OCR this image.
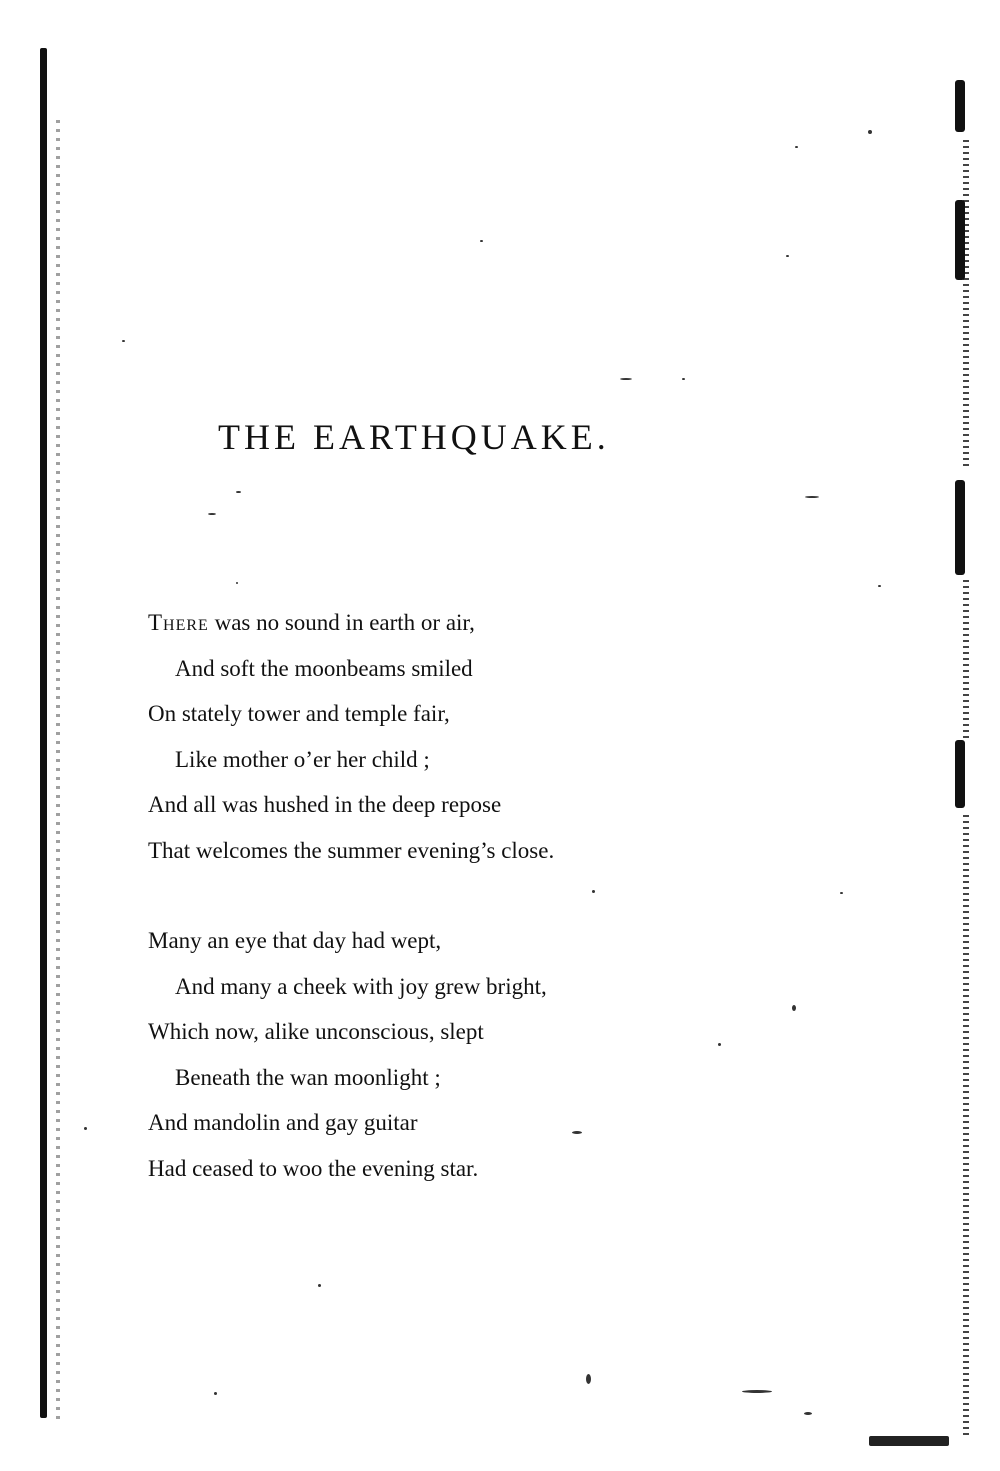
THE EARTHQUAKE.
There was no sound in earth or air,
And soft the moonbeams smiled
On stately tower and temple fair,
Like mother o’er her child ;
And all was hushed in the deep repose
That welcomes the summer evening’s close.
Many an eye that day had wept,
And many a cheek with joy grew bright,
Which now, alike unconscious, slept
Beneath the wan moonlight ;
And mandolin and gay guitar
Had ceased to woo the evening star.
